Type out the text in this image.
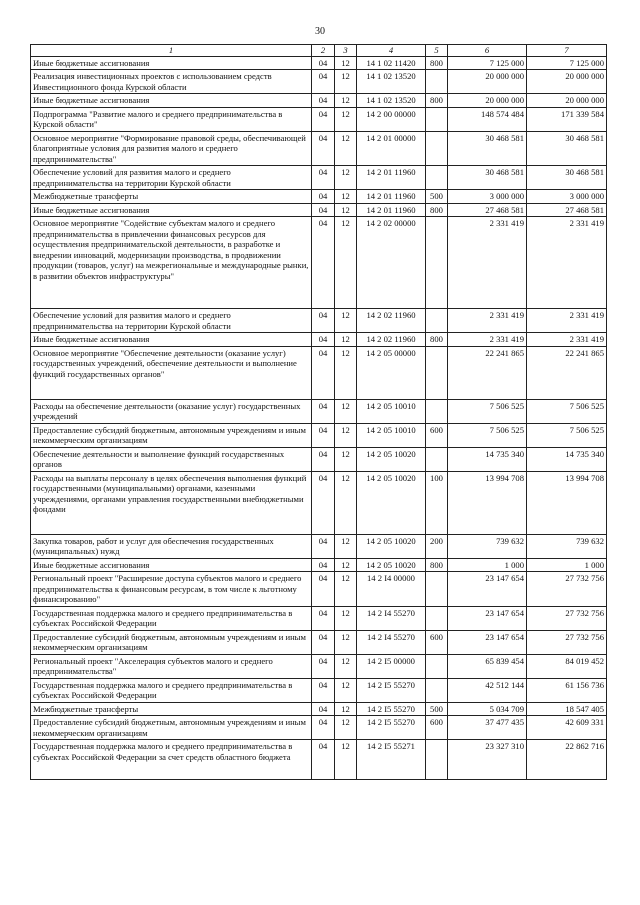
30
1	2	3	4	5	6	7
Иные бюджетные ассигнования	04	12	14 1 02 11420	800	7 125 000	7 125 000
Реализация инвестиционных проектов с использованием средств Инвестиционного фонда Курской области	04	12	14 1 02 13520		20 000 000	20 000 000
Иные бюджетные ассигнования	04	12	14 1 02 13520	800	20 000 000	20 000 000
Подпрограмма "Развитие малого и среднего предпринимательства в Курской области"	04	12	14 2 00 00000		148 574 484	171 339 584
Основное мероприятие "Формирование правовой среды, обеспечивающей благоприятные условия для развития малого и среднего предпринимательства"	04	12	14 2 01 00000		30 468 581	30 468 581
Обеспечение условий для развития малого и среднего предпринимательства на территории Курской области	04	12	14 2 01 11960		30 468 581	30 468 581
Межбюджетные трансферты	04	12	14 2 01 11960	500	3 000 000	3 000 000
Иные бюджетные ассигнования	04	12	14 2 01 11960	800	27 468 581	27 468 581
Основное мероприятие "Содействие субъектам малого и среднего предпринимательства в привлечении финансовых ресурсов для осуществления предпринимательской деятельности, в разработке и внедрении инноваций, модернизации производства, в продвижении продукции (товаров, услуг) на межрегиональные и международные рынки, в развитии объектов инфраструктуры"	04	12	14 2 02 00000		2 331 419	2 331 419
Обеспечение условий для развития малого и среднего предпринимательства на территории Курской области	04	12	14 2 02 11960		2 331 419	2 331 419
Иные бюджетные ассигнования	04	12	14 2 02 11960	800	2 331 419	2 331 419
Основное мероприятие "Обеспечение деятельности (оказание услуг) государственных учреждений, обеспечение деятельности и выполнение функций государственных органов"	04	12	14 2 05 00000		22 241 865	22 241 865
Расходы на обеспечение деятельности (оказание услуг) государственных учреждений	04	12	14 2 05 10010		7 506 525	7 506 525
Предоставление субсидий бюджетным, автономным учреждениям и иным некоммерческим организациям	04	12	14 2 05 10010	600	7 506 525	7 506 525
Обеспечение деятельности и выполнение функций государственных органов	04	12	14 2 05 10020		14 735 340	14 735 340
Расходы на выплаты персоналу в целях обеспечения выполнения функций государственными (муниципальными) органами, казенными учреждениями, органами управления государственными внебюджетными фондами	04	12	14 2 05 10020	100	13 994 708	13 994 708
Закупка товаров, работ и услуг для обеспечения государственных (муниципальных) нужд	04	12	14 2 05 10020	200	739 632	739 632
Иные бюджетные ассигнования	04	12	14 2 05 10020	800	1 000	1 000
Региональный проект "Расширение доступа субъектов малого и среднего предпринимательства к финансовым ресурсам, в том числе к льготному финансированию"	04	12	14 2 I4 00000		23 147 654	27 732 756
Государственная поддержка малого и среднего предпринимательства в субъектах Российской Федерации	04	12	14 2 I4 55270		23 147 654	27 732 756
Предоставление субсидий бюджетным, автономным учреждениям и иным некоммерческим организациям	04	12	14 2 I4 55270	600	23 147 654	27 732 756
Региональный проект "Акселерация субъектов малого и среднего предпринимательства"	04	12	14 2 I5 00000		65 839 454	84 019 452
Государственная поддержка малого и среднего предпринимательства в субъектах Российской Федерации	04	12	14 2 I5 55270		42 512 144	61 156 736
Межбюджетные трансферты	04	12	14 2 I5 55270	500	5 034 709	18 547 405
Предоставление субсидий бюджетным, автономным учреждениям и иным некоммерческим организациям	04	12	14 2 I5 55270	600	37 477 435	42 609 331
Государственная поддержка малого и среднего предпринимательства в субъектах Российской Федерации за счет средств областного бюджета	04	12	14 2 I5 55271		23 327 310	22 862 716
